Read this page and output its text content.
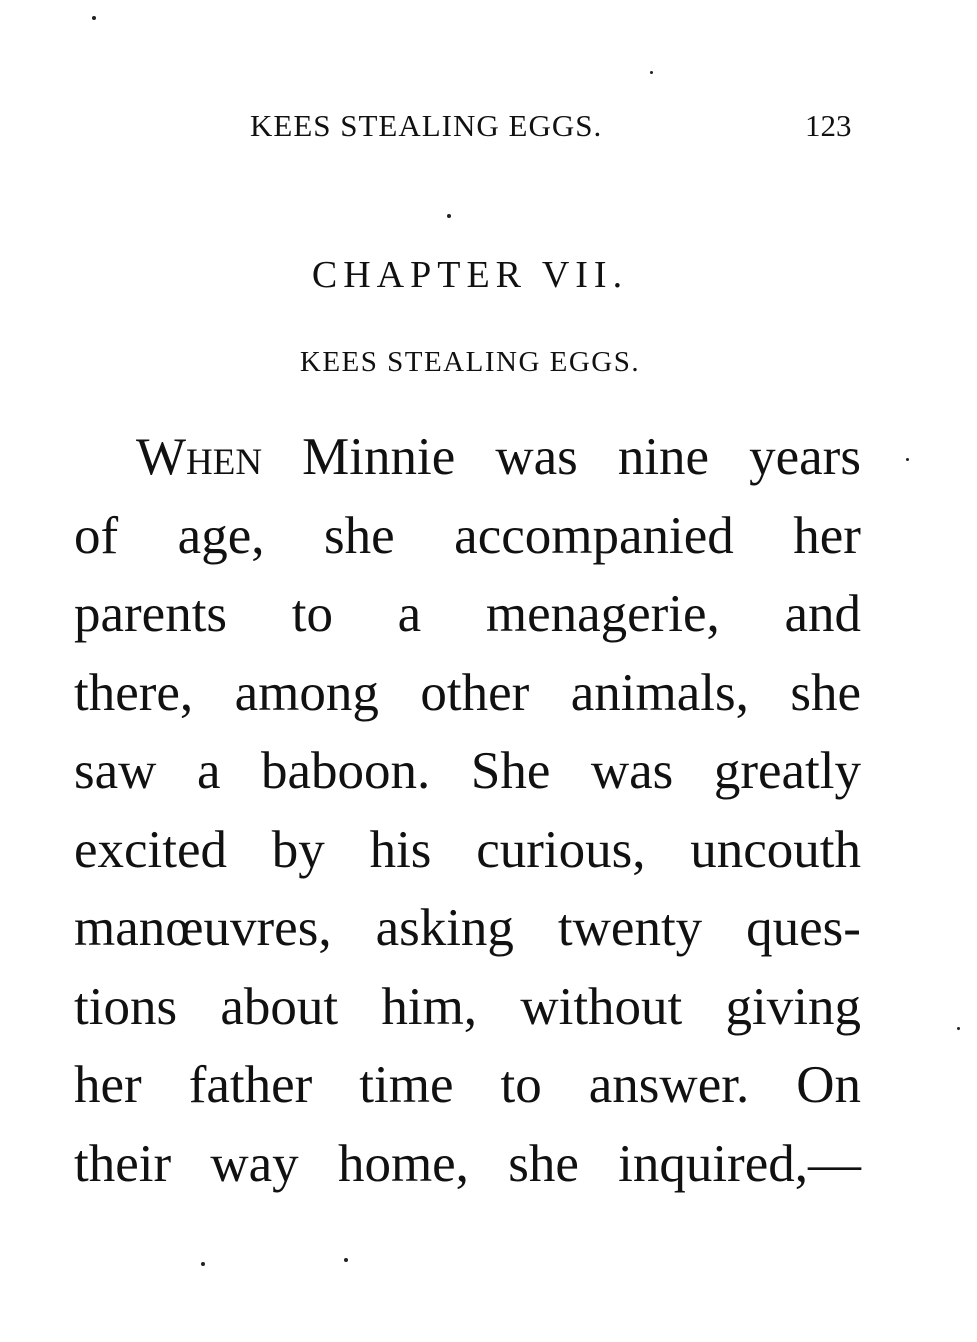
KEES STEALING EGGS.	123
CHAPTER VII.
KEES STEALING EGGS.
When Minnie was nine years
of age, she accompanied her
parents to a menagerie, and
there, among other animals, she
saw a baboon. She was greatly
excited by his curious, uncouth
manœuvres, asking twenty ques-
tions about him, without giving
her father time to answer. On
their way home, she inquired,—
